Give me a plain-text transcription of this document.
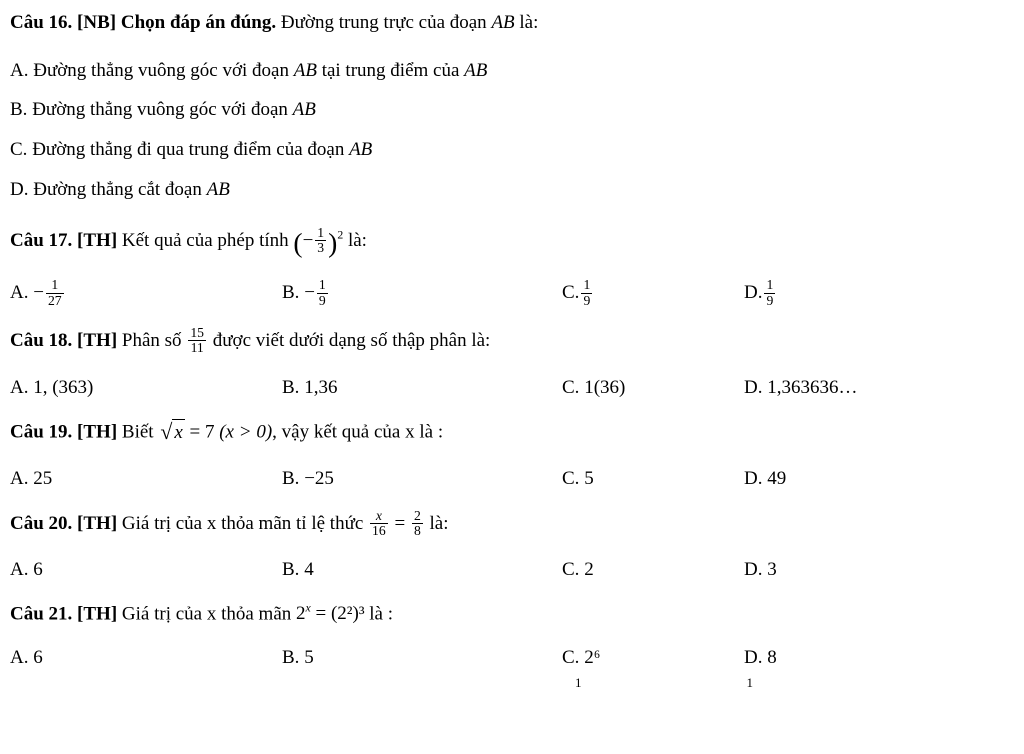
Câu 16. [NB] Chọn đáp án đúng. Đường trung trực của đoạn AB là:

A. Đường thẳng vuông góc với đoạn AB tại trung điểm của AB

B. Đường thẳng vuông góc với đoạn AB

C. Đường thẳng đi qua trung điểm của đoạn AB

D. Đường thẳng cắt đoạn AB

Câu 17. [TH] Kết quả của phép tính (− $\frac{1}{3} )^2$ là:

A. − $\frac{1}{27}$	B. − $\frac{1}{9}$	C. $\frac{1}{9}$	D. $\frac{1}{9}$

Câu 18. [TH] Phân số $\frac{15}{11}$ được viết dưới dạng số thập phân là:

A. 1, (363)	B. 1,36	C. 1(36)	D. 1,363636…

Câu 19. [TH] Biết √ x = 7 (x > 0), vậy kết quả của x là :

A. 25	B. −25	C. 5	D. 49

Câu 20. [TH] Giá trị của x thỏa mãn tỉ lệ thức $\frac{x}{16} = \frac{2}{8}$ là:

A. 6	B. 4	C. 2	D. 3

Câu 21. [TH] Giá trị của x thỏa mãn $2^x = (2^2)^3$ là :

A. 6	B. 5	C. 2⁶	D. 8
1	1
